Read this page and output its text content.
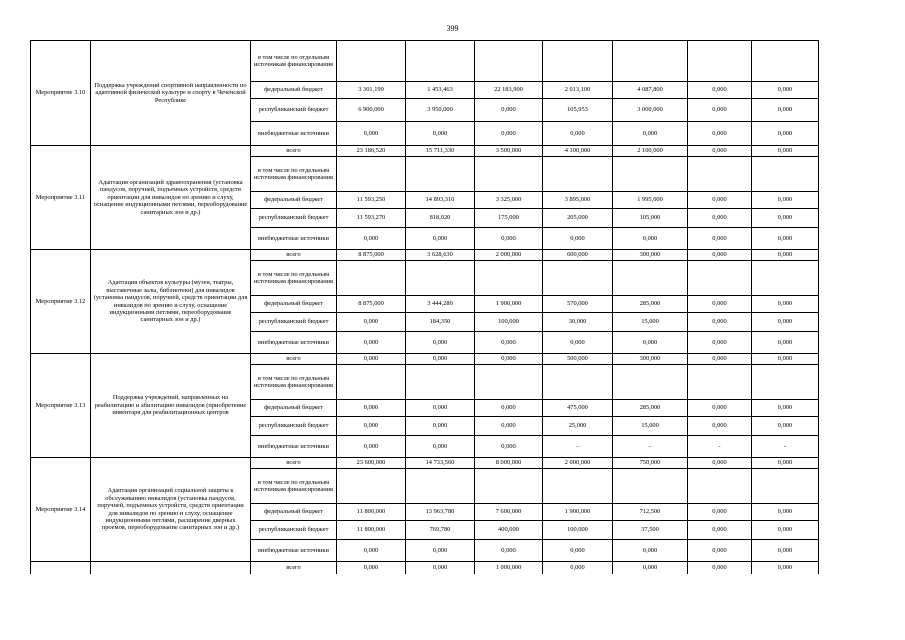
399
Мероприятие 3.10	Поддержка учреждений спортивной направленности по адаптивной физической культуре и спорту в Чеченской Республике	в том числе по отдельным источникам финансирования							
		федеральный бюджет	3 301,190	1 453,463	22 183,900	2 013,100	4 087,800	0,000	0,000
		республиканский бюджет	6 900,000	3 950,000	0,000	105,953	3 000,000	0,000	0,000
		внебюджетные источники	0,000	0,000	0,000	0,000	0,000	0,000	0,000
Мероприятие 3.11	Адаптация организаций здравоохранения (установка пандусов, поручней, подъемных устройств, средств ориентации для инвалидов по зрению и слуху, оснащение индукционными петлями, переоборудование санитарных зон и др.)	всего	23 186,520	15 711,330	3 500,000	4 100,000	2 100,000	0,000	0,000
		в том числе по отдельным источникам финансирования							
		федеральный бюджет	11 593,250	14 893,310	3 325,000	3 895,000	1 995,000	0,000	0,000
		республиканский бюджет	11 593,270	818,020	175,000	205,000	105,000	0,000	0,000
		внебюджетные источники	0,000	0,000	0,000	0,000	0,000	0,000	0,000
Мероприятие 3.12	Адаптация объектов культуры (музеи, театры, выставочные залы, библиотеки) для инвалидов (установка пандусов, поручней, средств ориентации для инвалидов по зрению и слуху, оснащение индукционными петлями, переоборудование санитарных зон и др.)	всего	8 875,000	3 628,630	2 000,000	600,000	300,000	0,000	0,000
		в том числе по отдельным источникам финансирования							
		федеральный бюджет	8 875,000	3 444,280	1 900,000	570,000	285,000	0,000	0,000
		республиканский бюджет	0,000	184,350	100,000	30,000	15,000	0,000	0,000
		внебюджетные источники	0,000	0,000	0,000	0,000	0,000	0,000	0,000
Мероприятие 3.13	Поддержка учреждений, направленных на реабилитацию и абилитацию инвалидов (приобретение инвентаря для реабилитационных центров	всего	0,000	0,000	0,000	500,000	300,000	0,000	0,000
		в том числе по отдельным источникам финансирования							
		федеральный бюджет	0,000	0,000	0,000	475,000	285,000	0,000	0,000
		республиканский бюджет	0,000	0,000	0,000	25,000	15,000	0,000	0,000
		внебюджетные источники	0,000	0,000	0,000	-	-	-	-
Мероприятие 3.14	Адаптация организаций социальной защиты к обслуживанию инвалидов (установка пандусов, поручней, подъемных устройств, средств ориентации для инвалидов по зрению и слуху, оснащение индукционными петлями, расширение дверных проемов, переоборудование санитарных зон и др.)	всего	23 600,000	14 733,560	8 000,000	2 000,000	750,000	0,000	0,000
		в том числе по отдельным источникам финансирования							
		федеральный бюджет	11 800,000	13 963,780	7 600,000	1 900,000	712,500	0,000	0,000
		республиканский бюджет	11 800,000	769,780	400,000	100,000	37,500	0,000	0,000
		внебюджетные источники	0,000	0,000	0,000	0,000	0,000	0,000	0,000
		всего	0,000	0,000	1 000,000	0,000	0,000	0,000	0,000
